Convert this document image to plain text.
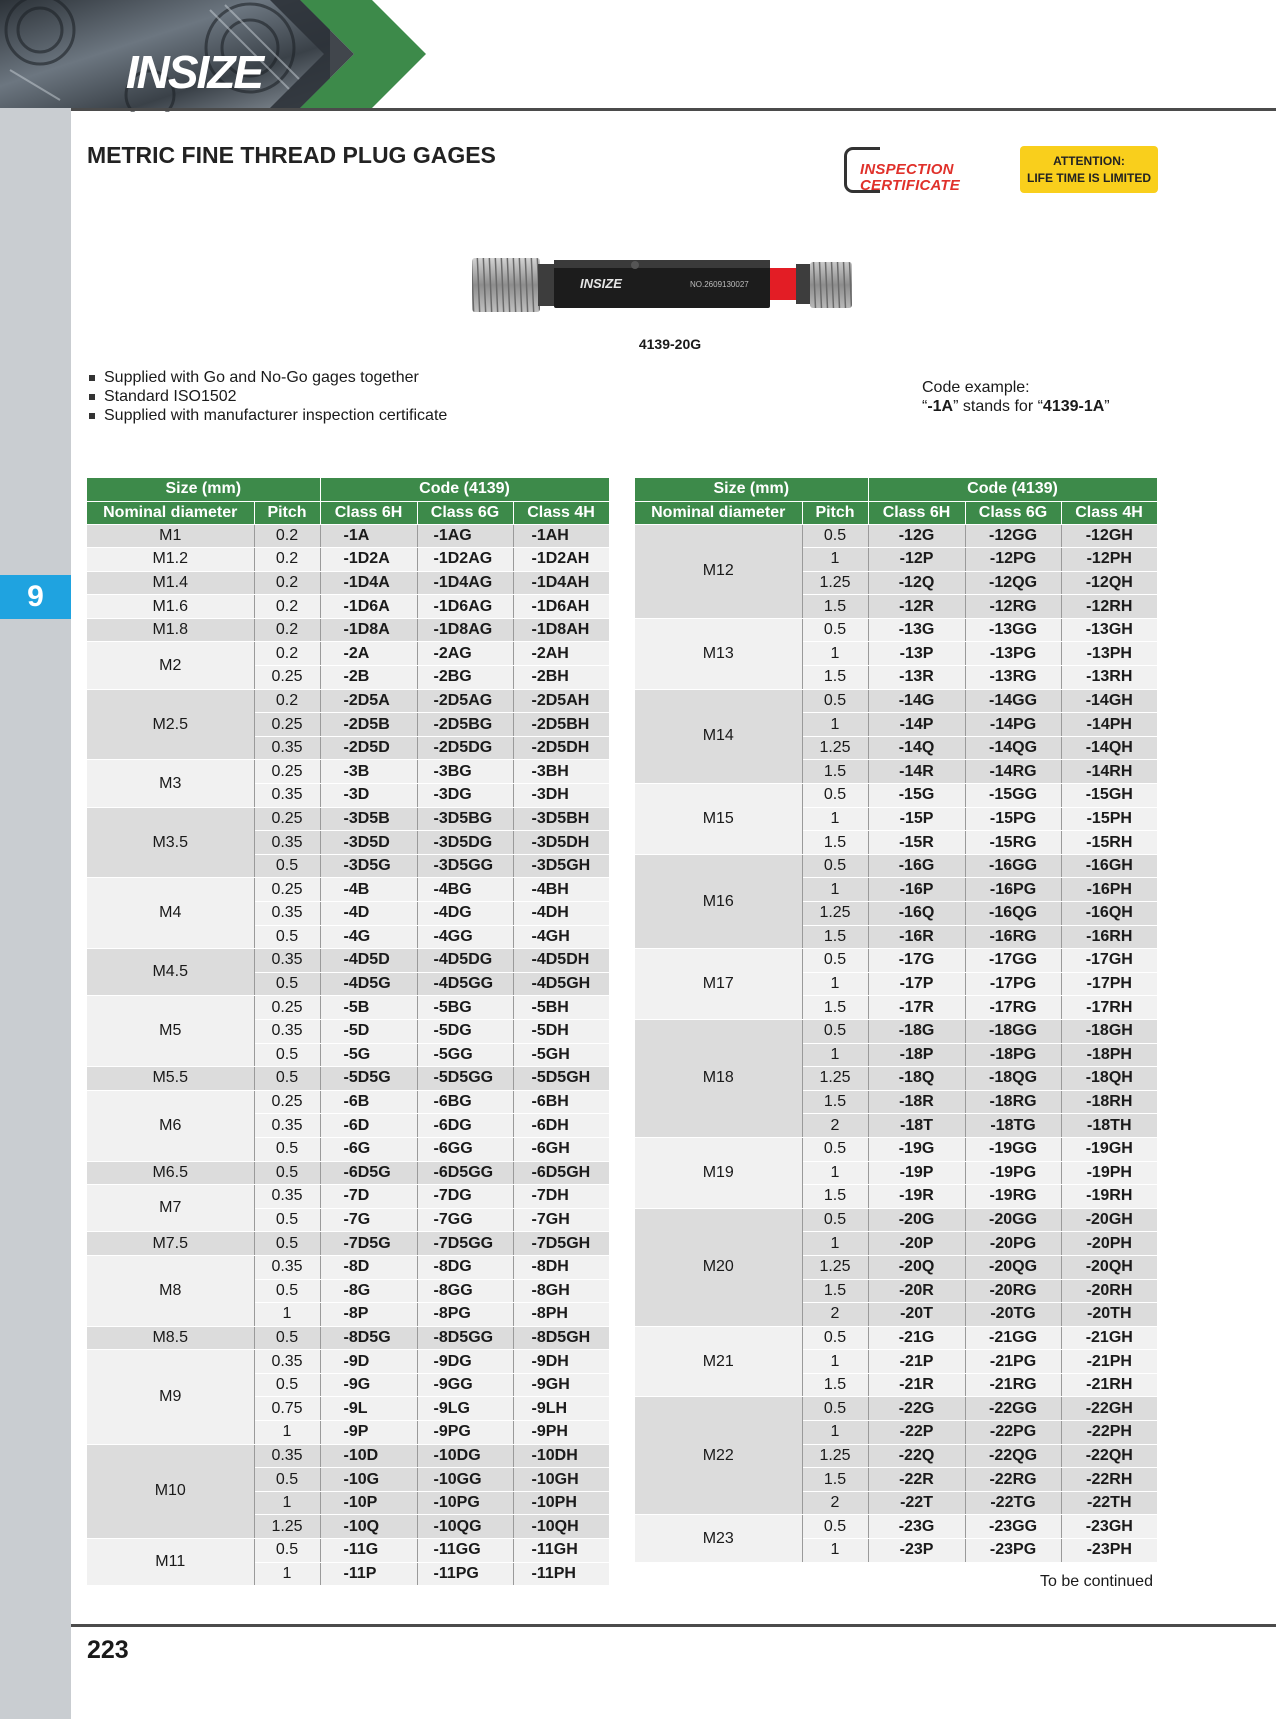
INSIZE
9
METRIC FINE THREAD PLUG GAGES
INSPECTION
CERTIFICATE
ATTENTION:
LIFE TIME IS LIMITED
INSIZE	NO.2609130027
4139-20G
Supplied with Go and No-Go gages together
Standard ISO1502
Supplied with manufacturer inspection certificate
Code example:
“-1A” stands for “4139-1A”
Size (mm)		Code (4139)		
Nominal diameter	Pitch	Class 6H	Class 6G	Class 4H
M1	0.2	-1A	-1AG	-1AH
M1.2	0.2	-1D2A	-1D2AG	-1D2AH
M1.4	0.2	-1D4A	-1D4AG	-1D4AH
M1.6	0.2	-1D6A	-1D6AG	-1D6AH
M1.8	0.2	-1D8A	-1D8AG	-1D8AH
M2	0.2	-2A	-2AG	-2AH
	0.25	-2B	-2BG	-2BH
M2.5	0.2	-2D5A	-2D5AG	-2D5AH
	0.25	-2D5B	-2D5BG	-2D5BH
	0.35	-2D5D	-2D5DG	-2D5DH
M3	0.25	-3B	-3BG	-3BH
	0.35	-3D	-3DG	-3DH
M3.5	0.25	-3D5B	-3D5BG	-3D5BH
	0.35	-3D5D	-3D5DG	-3D5DH
	0.5	-3D5G	-3D5GG	-3D5GH
M4	0.25	-4B	-4BG	-4BH
	0.35	-4D	-4DG	-4DH
	0.5	-4G	-4GG	-4GH
M4.5	0.35	-4D5D	-4D5DG	-4D5DH
	0.5	-4D5G	-4D5GG	-4D5GH
M5	0.25	-5B	-5BG	-5BH
	0.35	-5D	-5DG	-5DH
	0.5	-5G	-5GG	-5GH
M5.5	0.5	-5D5G	-5D5GG	-5D5GH
M6	0.25	-6B	-6BG	-6BH
	0.35	-6D	-6DG	-6DH
	0.5	-6G	-6GG	-6GH
M6.5	0.5	-6D5G	-6D5GG	-6D5GH
M7	0.35	-7D	-7DG	-7DH
	0.5	-7G	-7GG	-7GH
M7.5	0.5	-7D5G	-7D5GG	-7D5GH
M8	0.35	-8D	-8DG	-8DH
	0.5	-8G	-8GG	-8GH
	1	-8P	-8PG	-8PH
M8.5	0.5	-8D5G	-8D5GG	-8D5GH
M9	0.35	-9D	-9DG	-9DH
	0.5	-9G	-9GG	-9GH
	0.75	-9L	-9LG	-9LH
	1	-9P	-9PG	-9PH
M10	0.35	-10D	-10DG	-10DH
	0.5	-10G	-10GG	-10GH
	1	-10P	-10PG	-10PH
	1.25	-10Q	-10QG	-10QH
M11	0.5	-11G	-11GG	-11GH
	1	-11P	-11PG	-11PH
Size (mm)		Code (4139)		
Nominal diameter	Pitch	Class 6H	Class 6G	Class 4H
M12	0.5	-12G	-12GG	-12GH
	1	-12P	-12PG	-12PH
	1.25	-12Q	-12QG	-12QH
	1.5	-12R	-12RG	-12RH
M13	0.5	-13G	-13GG	-13GH
	1	-13P	-13PG	-13PH
	1.5	-13R	-13RG	-13RH
M14	0.5	-14G	-14GG	-14GH
	1	-14P	-14PG	-14PH
	1.25	-14Q	-14QG	-14QH
	1.5	-14R	-14RG	-14RH
M15	0.5	-15G	-15GG	-15GH
	1	-15P	-15PG	-15PH
	1.5	-15R	-15RG	-15RH
M16	0.5	-16G	-16GG	-16GH
	1	-16P	-16PG	-16PH
	1.25	-16Q	-16QG	-16QH
	1.5	-16R	-16RG	-16RH
M17	0.5	-17G	-17GG	-17GH
	1	-17P	-17PG	-17PH
	1.5	-17R	-17RG	-17RH
M18	0.5	-18G	-18GG	-18GH
	1	-18P	-18PG	-18PH
	1.25	-18Q	-18QG	-18QH
	1.5	-18R	-18RG	-18RH
	2	-18T	-18TG	-18TH
M19	0.5	-19G	-19GG	-19GH
	1	-19P	-19PG	-19PH
	1.5	-19R	-19RG	-19RH
M20	0.5	-20G	-20GG	-20GH
	1	-20P	-20PG	-20PH
	1.25	-20Q	-20QG	-20QH
	1.5	-20R	-20RG	-20RH
	2	-20T	-20TG	-20TH
M21	0.5	-21G	-21GG	-21GH
	1	-21P	-21PG	-21PH
	1.5	-21R	-21RG	-21RH
M22	0.5	-22G	-22GG	-22GH
	1	-22P	-22PG	-22PH
	1.25	-22Q	-22QG	-22QH
	1.5	-22R	-22RG	-22RH
	2	-22T	-22TG	-22TH
M23	0.5	-23G	-23GG	-23GH
	1	-23P	-23PG	-23PH
To be continued
223
